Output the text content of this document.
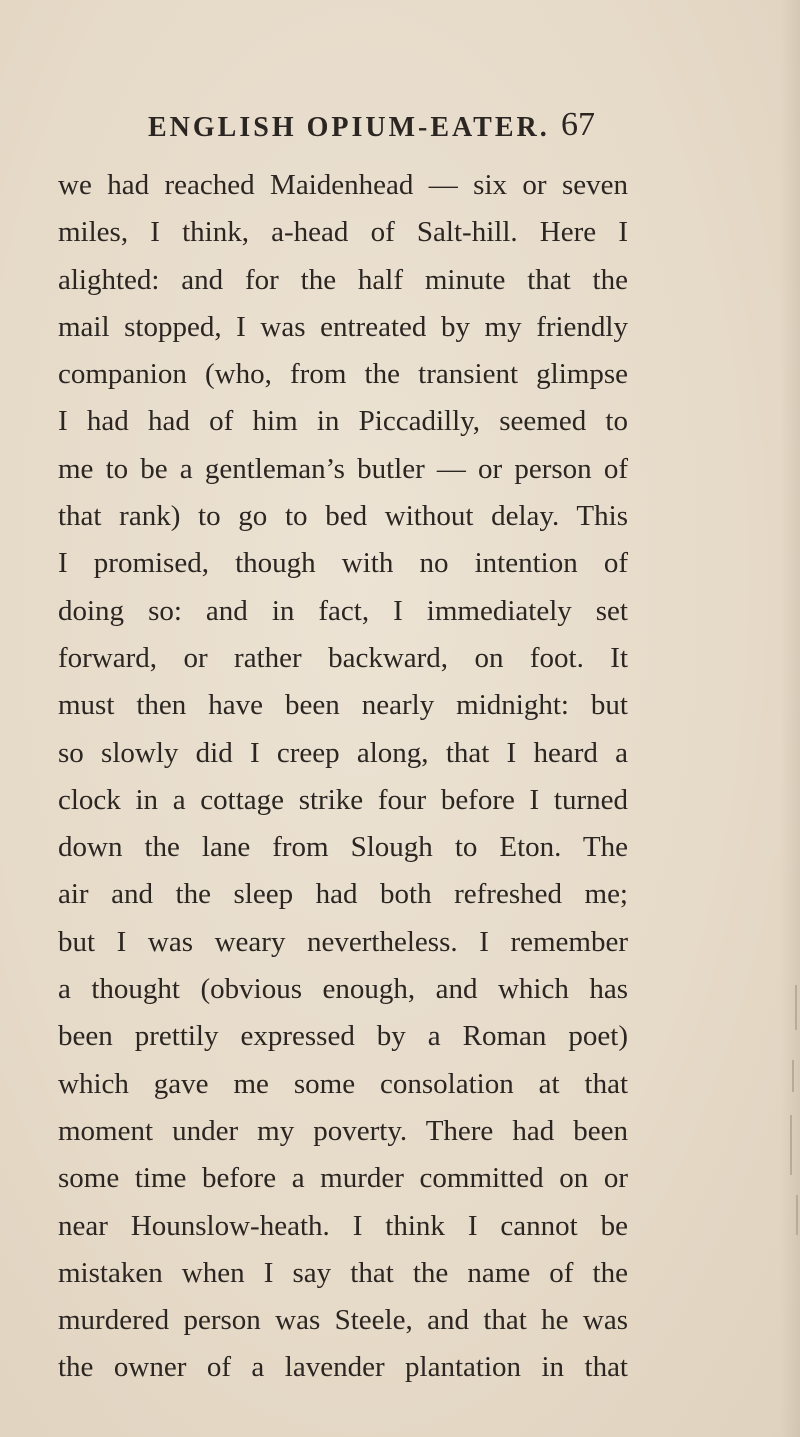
ENGLISH OPIUM-EATER. 67
we had reached Maidenhead — six or seven
miles, I think, a-head of Salt-hill. Here I
alighted: and for the half minute that the
mail stopped, I was entreated by my friendly
companion (who, from the transient glimpse
I had had of him in Piccadilly, seemed to
me to be a gentleman’s butler — or person of
that rank) to go to bed without delay. This
I promised, though with no intention of
doing so: and in fact, I immediately set
forward, or rather backward, on foot. It
must then have been nearly midnight: but
so slowly did I creep along, that I heard a
clock in a cottage strike four before I turned
down the lane from Slough to Eton. The
air and the sleep had both refreshed me;
but I was weary nevertheless. I remember
a thought (obvious enough, and which has
been prettily expressed by a Roman poet)
which gave me some consolation at that
moment under my poverty. There had been
some time before a murder committed on or
near Hounslow-heath. I think I cannot be
mistaken when I say that the name of the
murdered person was Steele, and that he was
the owner of a lavender plantation in that
